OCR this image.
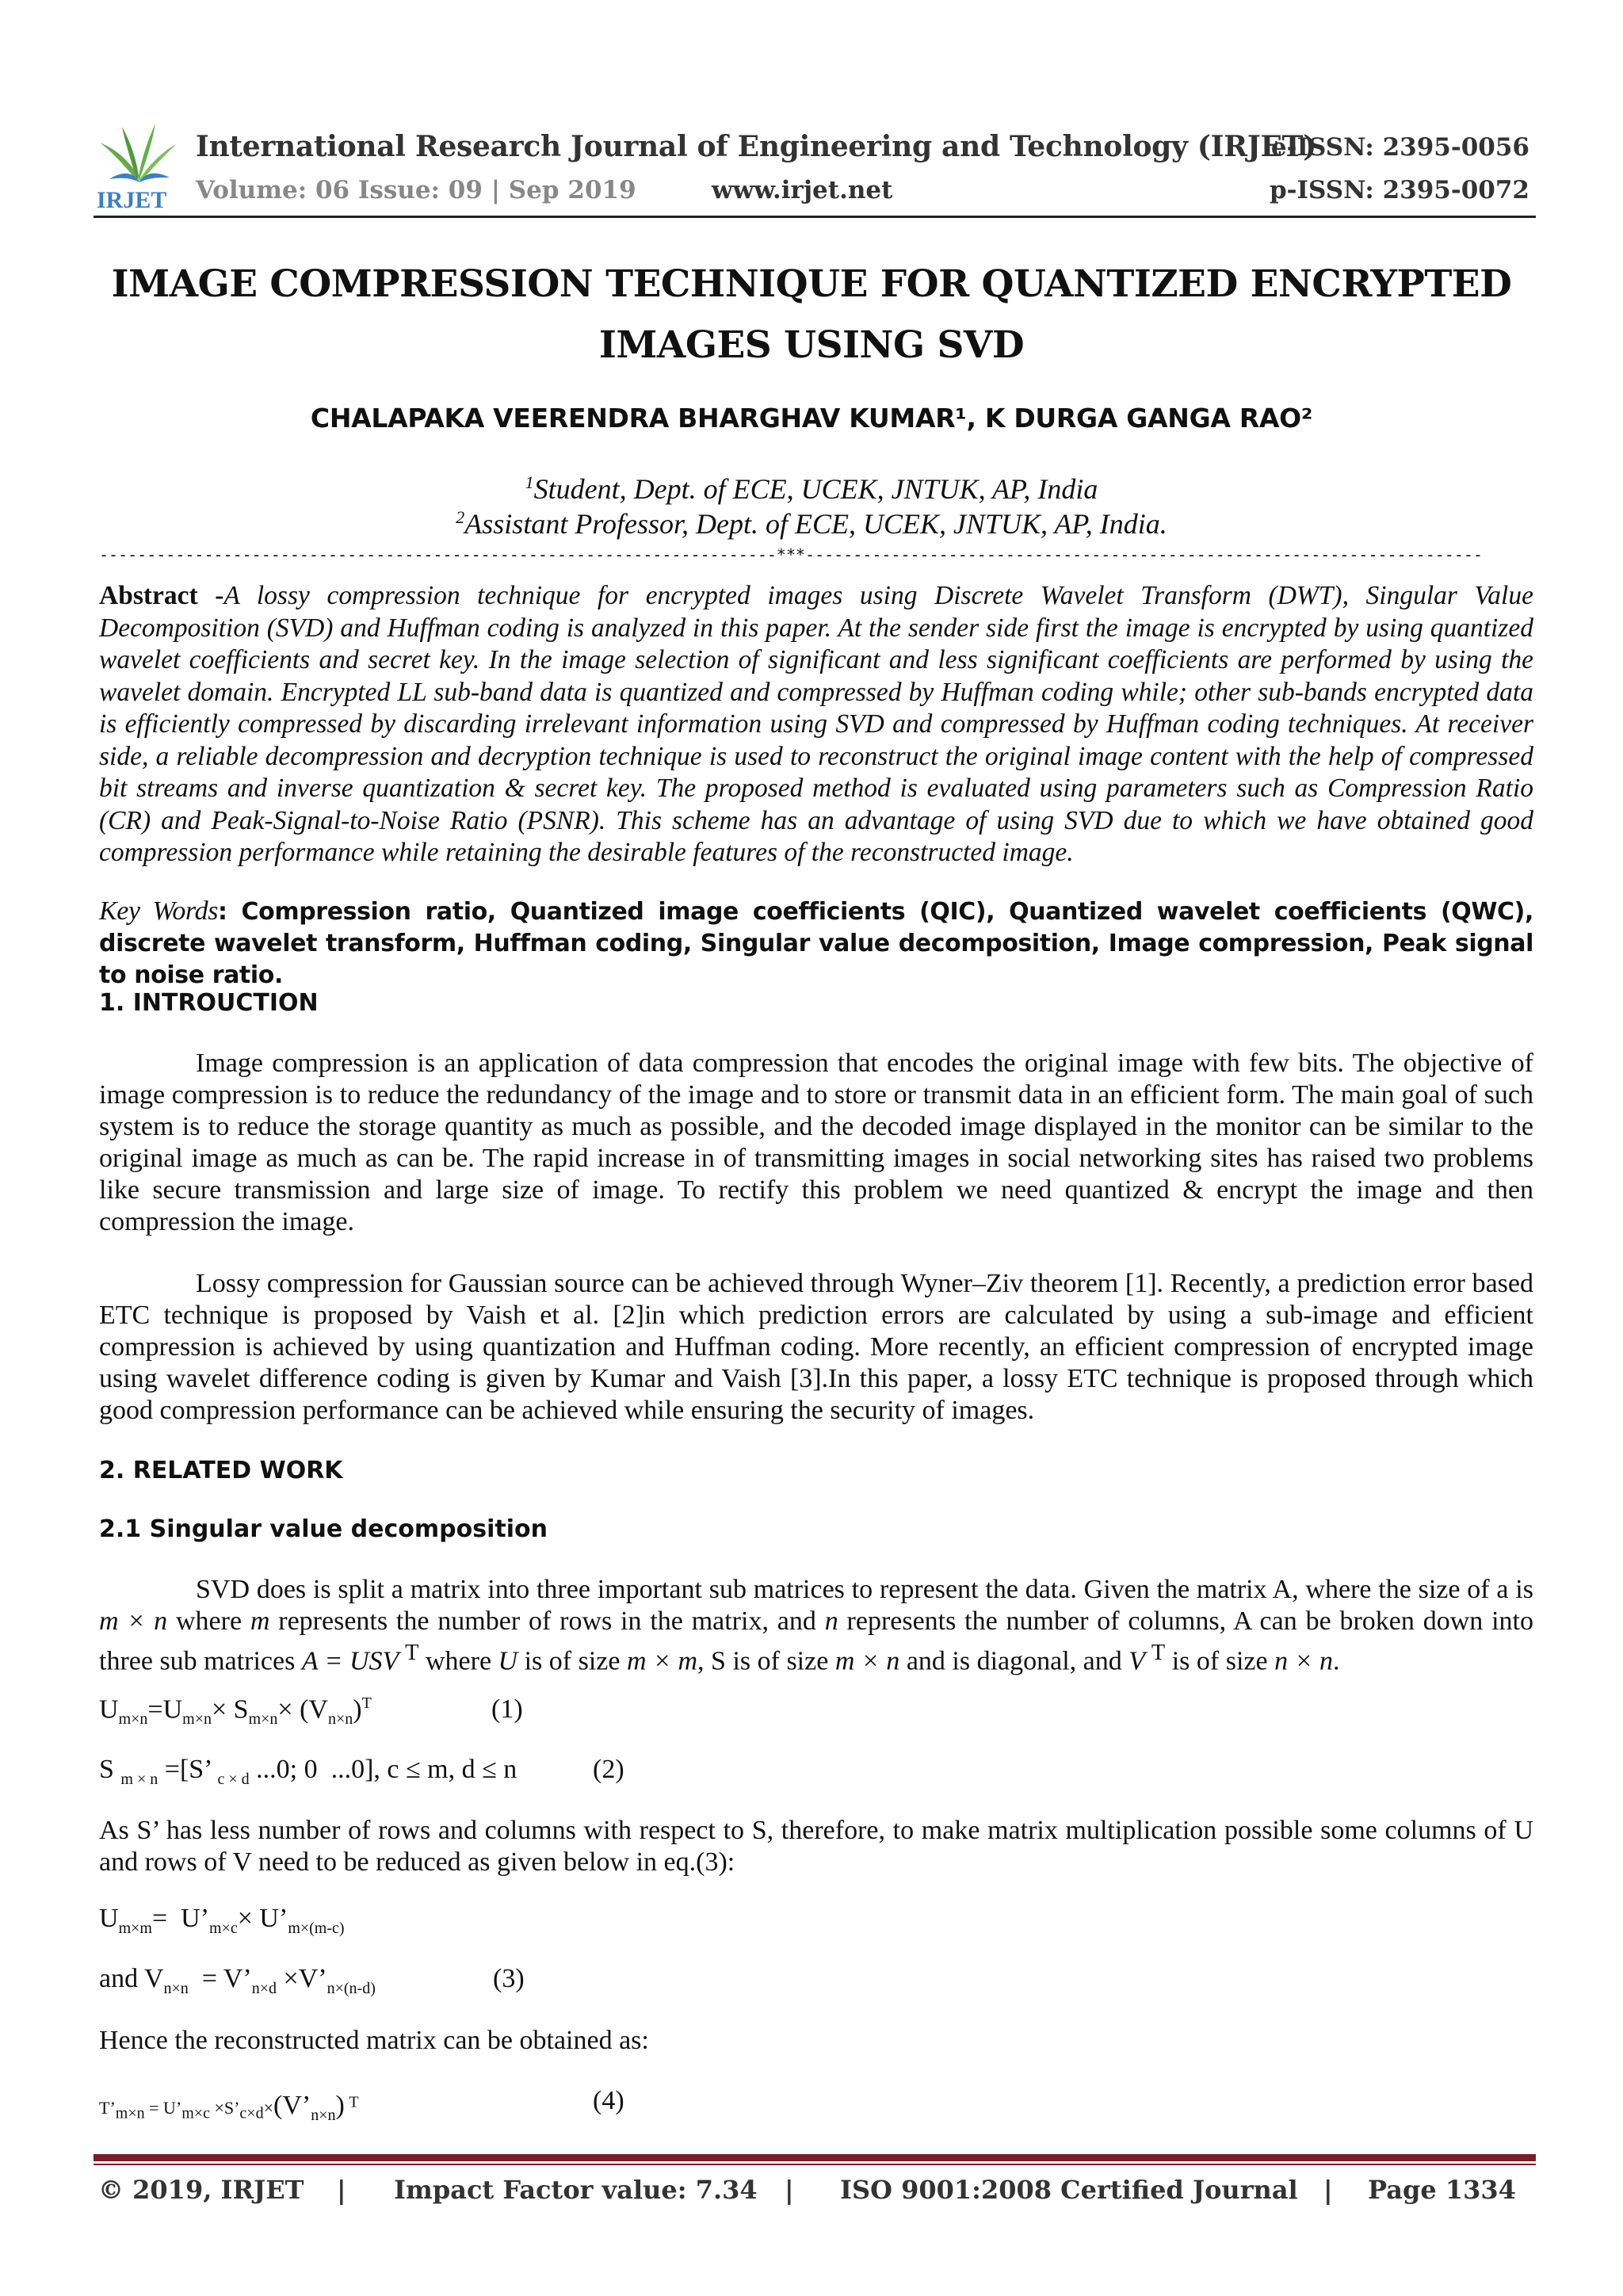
IRJET
International Research Journal of Engineering and Technology (IRJET)
e-ISSN: 2395-0056
Volume: 06 Issue: 09 | Sep 2019	www.irjet.net	p-ISSN: 2395-0072
IMAGE COMPRESSION TECHNIQUE FOR QUANTIZED ENCRYPTED
IMAGES USING SVD
CHALAPAKA VEERENDRA BHARGHAV KUMAR¹, K DURGA GANGA RAO²
$^1$Student, Dept. of ECE, UCEK, JNTUK, AP, India
$^2$Assistant Professor, Dept. of ECE, UCEK, JNTUK, AP, India.
-----------------------------------------------------------------------***-----------------------------------------------------------------------
Abstract -A lossy compression technique for encrypted images using Discrete Wavelet Transform (DWT), Singular Value Decomposition (SVD) and Huffman coding is analyzed in this paper. At the sender side first the image is encrypted by using quantized wavelet coefficients and secret key. In the image selection of significant and less significant coefficients are performed by using the wavelet domain. Encrypted LL sub-band data is quantized and compressed by Huffman coding while; other sub-bands encrypted data is efficiently compressed by discarding irrelevant information using SVD and compressed by Huffman coding techniques. At receiver side, a reliable decompression and decryption technique is used to reconstruct the original image content with the help of compressed bit streams and inverse quantization & secret key. The proposed method is evaluated using parameters such as Compression Ratio (CR) and Peak-Signal-to-Noise Ratio (PSNR). This scheme has an advantage of using SVD due to which we have obtained good compression performance while retaining the desirable features of the reconstructed image.
Key Words: Compression ratio, Quantized image coefficients (QIC), Quantized wavelet coefficients (QWC), discrete wavelet transform, Huffman coding, Singular value decomposition, Image compression, Peak signal to noise ratio.
1. INTROUCTION
Image compression is an application of data compression that encodes the original image with few bits. The objective of image compression is to reduce the redundancy of the image and to store or transmit data in an efficient form. The main goal of such system is to reduce the storage quantity as much as possible, and the decoded image displayed in the monitor can be similar to the original image as much as can be. The rapid increase in of transmitting images in social networking sites has raised two problems like secure transmission and large size of image. To rectify this problem we need quantized & encrypt the image and then compression the image.
Lossy compression for Gaussian source can be achieved through Wyner–Ziv theorem [1]. Recently, a prediction error based ETC technique is proposed by Vaish et al. [2]in which prediction errors are calculated by using a sub-image and efficient compression is achieved by using quantization and Huffman coding. More recently, an efficient compression of encrypted image using wavelet difference coding is given by Kumar and Vaish [3].In this paper, a lossy ETC technique is proposed through which good compression performance can be achieved while ensuring the security of images.
2. RELATED WORK
2.1 Singular value decomposition
SVD does is split a matrix into three important sub matrices to represent the data. Given the matrix A, where the size of a is m × n where m represents the number of rows in the matrix, and n represents the number of columns, A can be broken down into three sub matrices A = USV $^T$ where U is of size m × m, S is of size m × n and is diagonal, and V $^T$ is of size n × n.
$U_{m\times n}=U_{m\times n}\times S_{m\times n}\times (V_{n\times n})^T$	(1)
S $_{m \times n}$ =[S’ $_{c \times d}$ ...0; 0  ...0], c ≤ m, d ≤ n	(2)
As S’ has less number of rows and columns with respect to S, therefore, to make matrix multiplication possible some columns of U and rows of V need to be reduced as given below in eq.(3):
$U_{m\times m}=$  $U’_{m\times c}\times$ $U’_{m\times(m-c)}$
and $V_{n\times n}$  = $V’_{n\times d}$ $\times V’_{n\times(n-d)}$	(3)
Hence the reconstructed matrix can be obtained as:
$T’_{m\times n}$ = $U’_{m\times c}$ $\times S’_{c\times d}\times(V’_{n\times n})$ $^T$	(4)
© 2019, IRJET | Impact Factor value: 7.34 | ISO 9001:2008 Certified Journal | Page 1334
